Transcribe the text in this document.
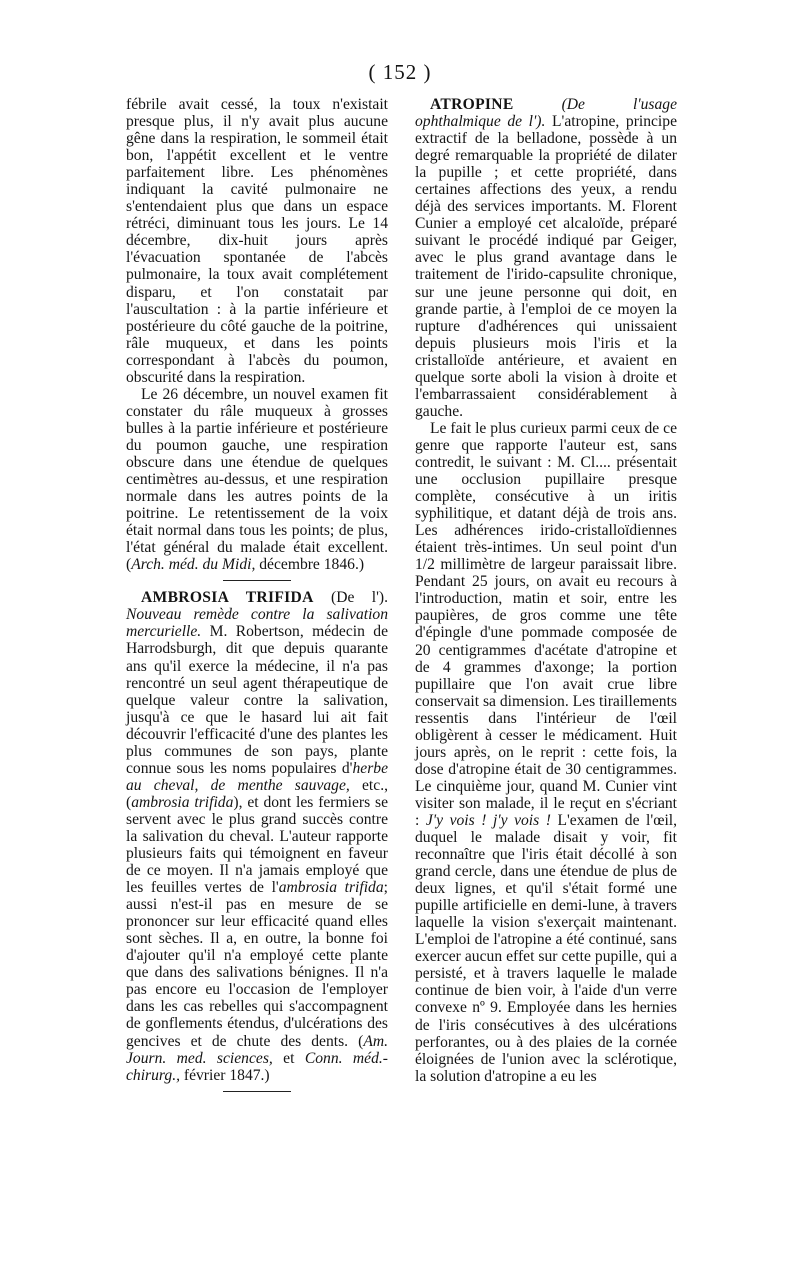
( 152 )

fébrile avait cessé, la toux n'existait presque plus, il n'y avait plus aucune gêne dans la respiration, le sommeil était bon, l'appétit excellent et le ventre parfaitement libre. Les phénomènes indiquant la cavité pulmonaire ne s'entendaient plus que dans un espace rétréci, diminuant tous les jours. Le 14 décembre, dix-huit jours après l'évacuation spontanée de l'abcès pulmonaire, la toux avait complétement disparu, et l'on constatait par l'auscultation : à la partie inférieure et postérieure du côté gauche de la poitrine, râle muqueux, et dans les points correspondant à l'abcès du poumon, obscurité dans la respiration.

Le 26 décembre, un nouvel examen fit constater du râle muqueux à grosses bulles à la partie inférieure et postérieure du poumon gauche, une respiration obscure dans une étendue de quelques centimètres au-dessus, et une respiration normale dans les autres points de la poitrine. Le retentissement de la voix était normal dans tous les points; de plus, l'état général du malade était excellent. (Arch. méd. du Midi, décembre 1846.)

AMBROSIA TRIFIDA (De l'). Nouveau remède contre la salivation mercurielle. M. Robertson, médecin de Harrodsburgh, dit que depuis quarante ans qu'il exerce la médecine, il n'a pas rencontré un seul agent thérapeutique de quelque valeur contre la salivation, jusqu'à ce que le hasard lui ait fait découvrir l'efficacité d'une des plantes les plus communes de son pays, plante connue sous les noms populaires d'herbe au cheval, de menthe sauvage, etc., (ambrosia trifida), et dont les fermiers se servent avec le plus grand succès contre la salivation du cheval. L'auteur rapporte plusieurs faits qui témoignent en faveur de ce moyen. Il n'a jamais employé que les feuilles vertes de l'ambrosia trifida; aussi n'est-il pas en mesure de se prononcer sur leur efficacité quand elles sont sèches. Il a, en outre, la bonne foi d'ajouter qu'il n'a employé cette plante que dans des salivations bénignes. Il n'a pas encore eu l'occasion de l'employer dans les cas rebelles qui s'accompagnent de gonflements étendus, d'ulcérations des gencives et de chute des dents. (Am. Journ. med. sciences, et Conn. méd.-chirurg., février 1847.)

ATROPINE (De l'usage ophthalmique de l'). L'atropine, principe extractif de la belladone, possède à un degré remarquable la propriété de dilater la pupille ; et cette propriété, dans certaines affections des yeux, a rendu déjà des services importants. M. Florent Cunier a employé cet alcaloïde, préparé suivant le procédé indiqué par Geiger, avec le plus grand avantage dans le traitement de l'irido-capsulite chronique, sur une jeune personne qui doit, en grande partie, à l'emploi de ce moyen la rupture d'adhérences qui unissaient depuis plusieurs mois l'iris et la cristalloïde antérieure, et avaient en quelque sorte aboli la vision à droite et l'embarrassaient considérablement à gauche.

Le fait le plus curieux parmi ceux de ce genre que rapporte l'auteur est, sans contredit, le suivant : M. Cl.... présentait une occlusion pupillaire presque complète, consécutive à un iritis syphilitique, et datant déjà de trois ans. Les adhérences irido-cristalloïdiennes étaient très-intimes. Un seul point d'un 1/2 millimètre de largeur paraissait libre. Pendant 25 jours, on avait eu recours à l'introduction, matin et soir, entre les paupières, de gros comme une tête d'épingle d'une pommade composée de 20 centigrammes d'acétate d'atropine et de 4 grammes d'axonge; la portion pupillaire que l'on avait crue libre conservait sa dimension. Les tiraillements ressentis dans l'intérieur de l'œil obligèrent à cesser le médicament. Huit jours après, on le reprit : cette fois, la dose d'atropine était de 30 centigrammes. Le cinquième jour, quand M. Cunier vint visiter son malade, il le reçut en s'écriant : J'y vois ! j'y vois ! L'examen de l'œil, duquel le malade disait y voir, fit reconnaître que l'iris était décollé à son grand cercle, dans une étendue de plus de deux lignes, et qu'il s'était formé une pupille artificielle en demi-lune, à travers laquelle la vision s'exerçait maintenant. L'emploi de l'atropine a été continué, sans exercer aucun effet sur cette pupille, qui a persisté, et à travers laquelle le malade continue de bien voir, à l'aide d'un verre convexe nº 9. Employée dans les hernies de l'iris consécutives à des ulcérations perforantes, ou à des plaies de la cornée éloignées de l'union avec la sclérotique, la solution d'atropine a eu les
